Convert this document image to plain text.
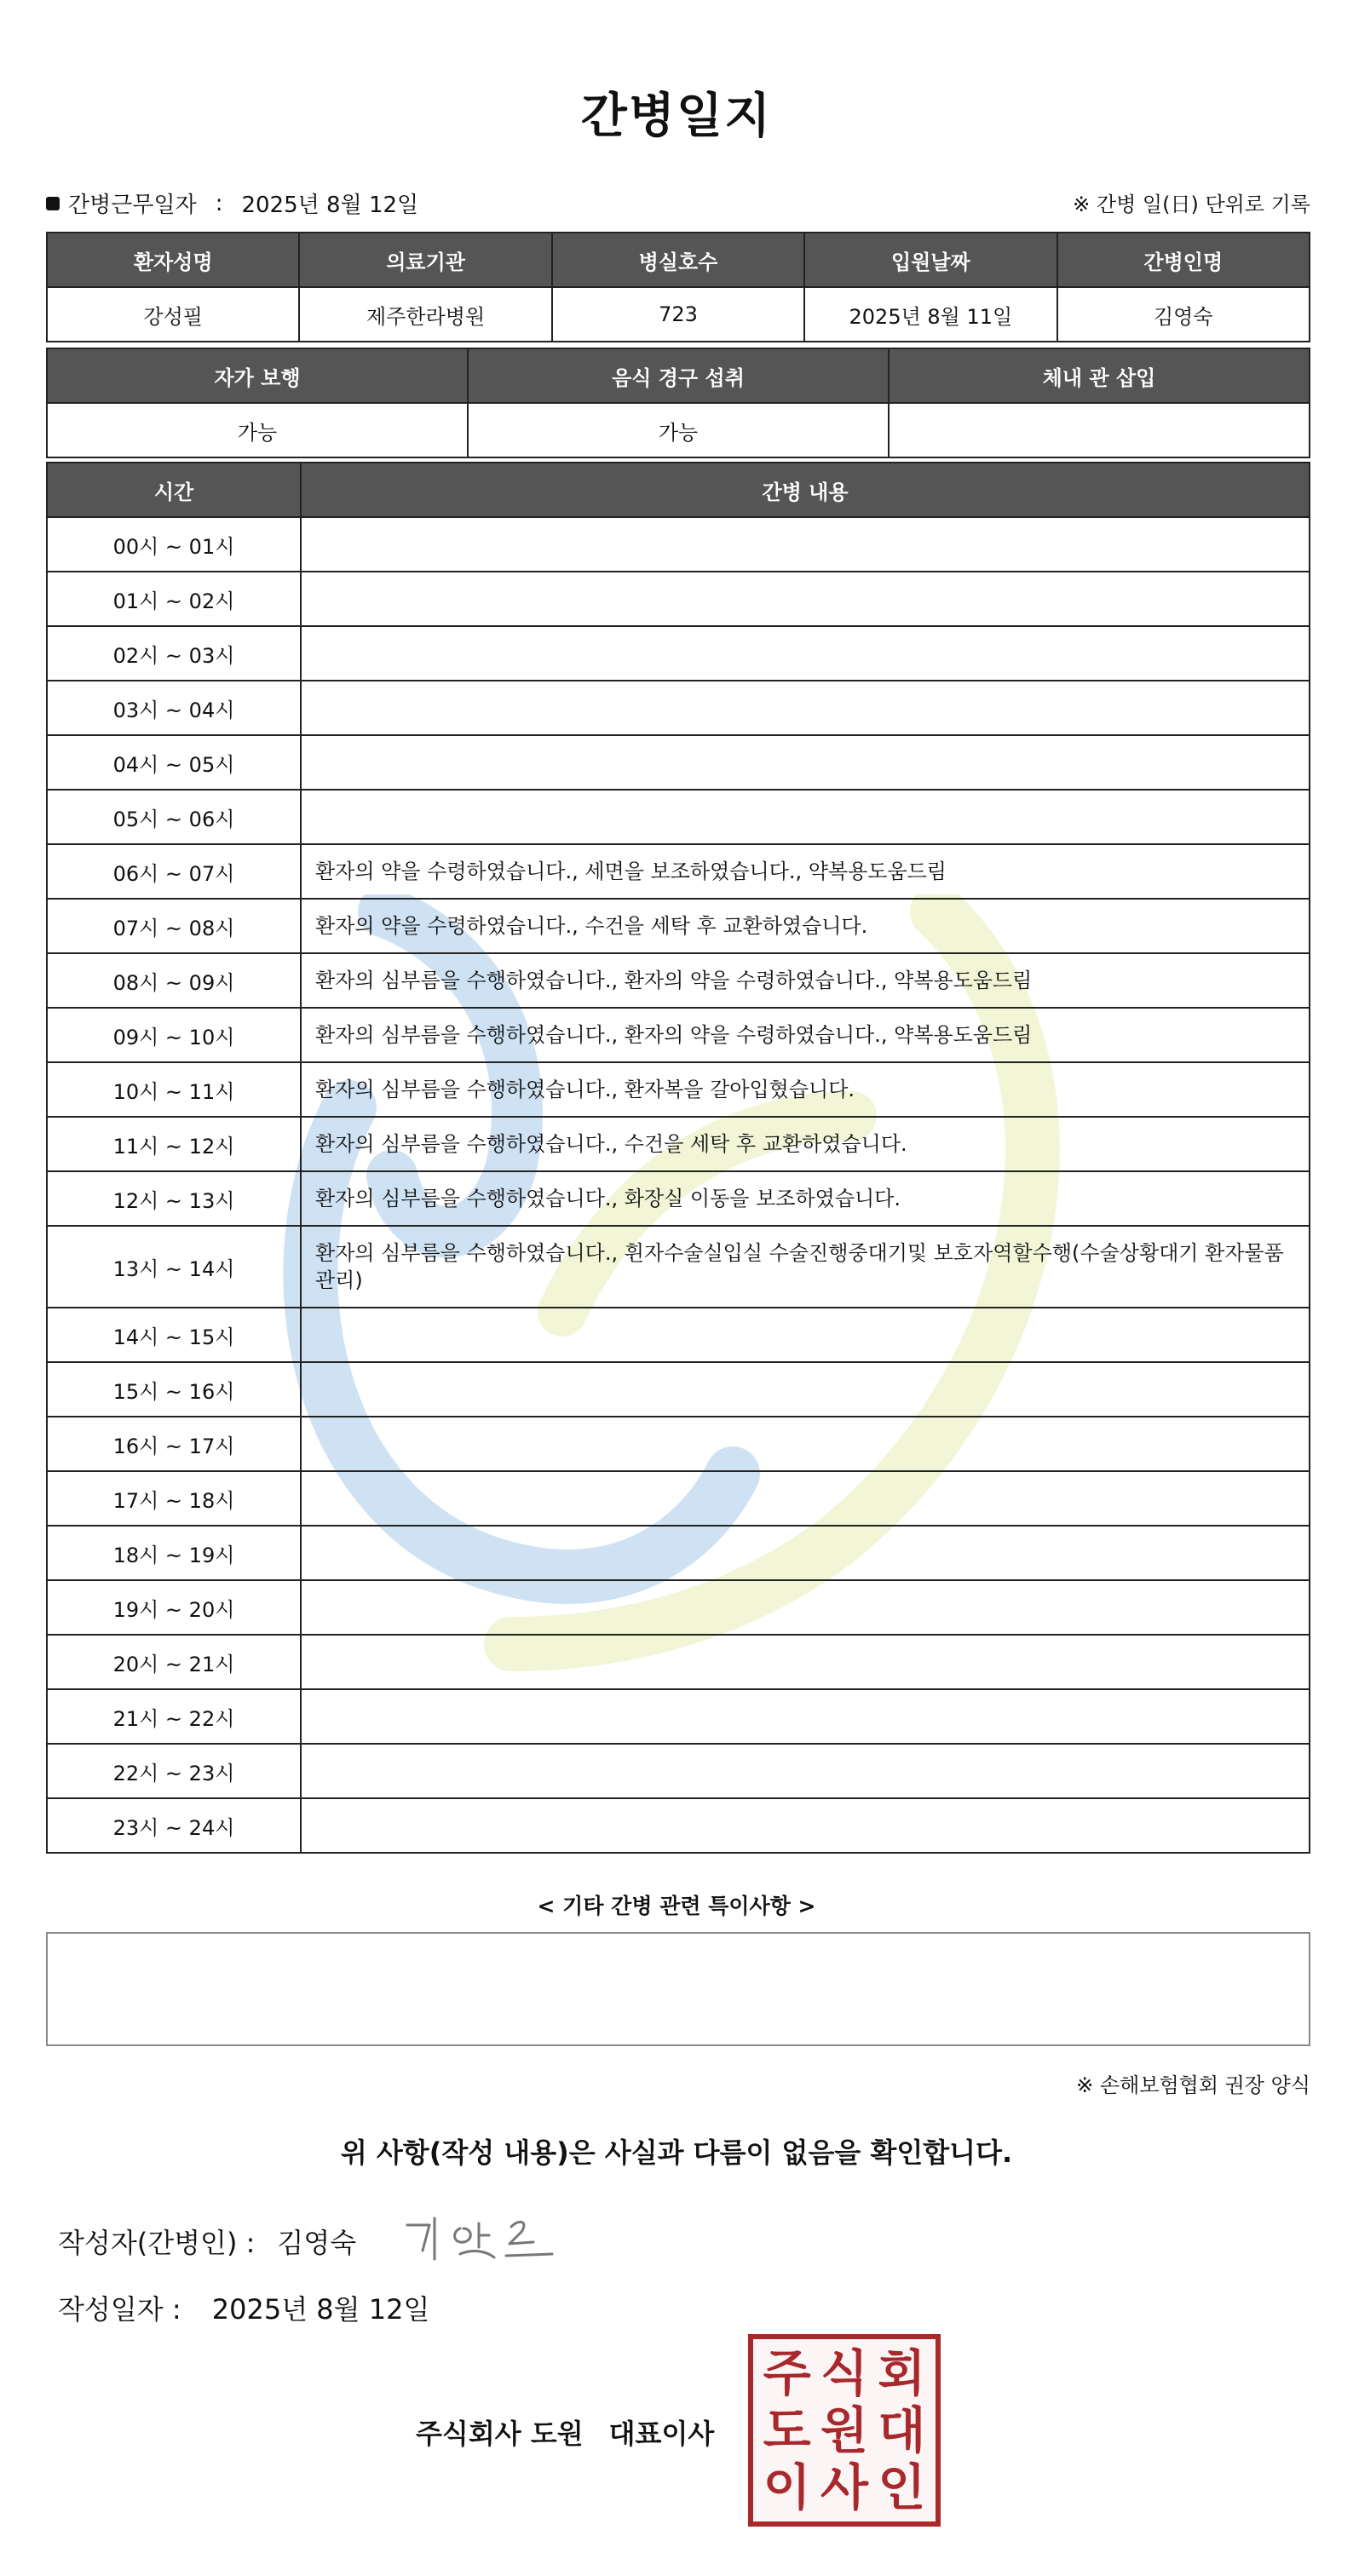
간병일지
간병근무일자 : 2025년 8월 12일	※ 간병 일(日) 단위로 기록
환자성명	의료기관	병실호수	입원날짜	간병인명
강성필	제주한라병원	723	2025년 8월 11일	김영숙
자가 보행	음식 경구 섭취	체내 관 삽입
가능	가능	
시간	간병 내용
00시 ~ 01시	
01시 ~ 02시	
02시 ~ 03시	
03시 ~ 04시	
04시 ~ 05시	
05시 ~ 06시	
06시 ~ 07시	환자의 약을 수령하였습니다., 세면을 보조하였습니다., 약복용도움드림
07시 ~ 08시	환자의 약을 수령하였습니다., 수건을 세탁 후 교환하였습니다.
08시 ~ 09시	환자의 심부름을 수행하였습니다., 환자의 약을 수령하였습니다., 약복용도움드림
09시 ~ 10시	환자의 심부름을 수행하였습니다., 환자의 약을 수령하였습니다., 약복용도움드림
10시 ~ 11시	환자의 심부름을 수행하였습니다., 환자복을 갈아입혔습니다.
11시 ~ 12시	환자의 심부름을 수행하였습니다., 수건을 세탁 후 교환하였습니다.
12시 ~ 13시	환자의 심부름을 수행하였습니다., 화장실 이동을 보조하였습니다.
13시 ~ 14시	환자의 심부름을 수행하였습니다., 휜자수술실입실 수술진행중대기및 보호자역할수행(수술상황대기 환자물품관리)
14시 ~ 15시	
15시 ~ 16시	
16시 ~ 17시	
17시 ~ 18시	
18시 ~ 19시	
19시 ~ 20시	
20시 ~ 21시	
21시 ~ 22시	
22시 ~ 23시	
23시 ~ 24시	
< 기타 간병 관련 특이사항 >
※ 손해보험협회 권장 양식
위 사항(작성 내용)은 사실과 다름이 없음을 확인합니다.
작성자(간병인) : 김영숙
작성일자 : 2025년 8월 12일
주식회사 도원 대표이사
주 식 회
도 원 대
이 사 인
